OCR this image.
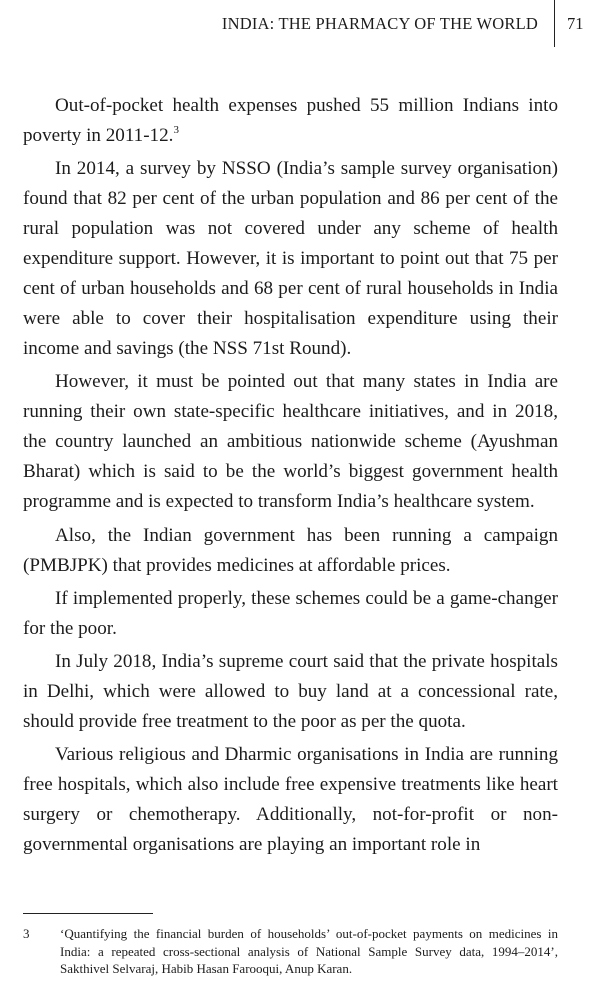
INDIA: THE PHARMACY OF THE WORLD 71

Out-of-pocket health expenses pushed 55 million Indians into poverty in 2011-12.$^3$

In 2014, a survey by NSSO (India’s sample survey organisation) found that 82 per cent of the urban population and 86 per cent of the rural population was not covered under any scheme of health expenditure support. However, it is important to point out that 75 per cent of urban households and 68 per cent of rural households in India were able to cover their hospitalisation expenditure using their income and savings (the NSS 71st Round).

However, it must be pointed out that many states in India are running their own state-specific healthcare initiatives, and in 2018, the country launched an ambitious nationwide scheme (Ayushman Bharat) which is said to be the world’s biggest government health programme and is expected to transform India’s healthcare system.

Also, the Indian government has been running a campaign (PMBJPK) that provides medicines at affordable prices.

If implemented properly, these schemes could be a game-changer for the poor.

In July 2018, India’s supreme court said that the private hospitals in Delhi, which were allowed to buy land at a concessional rate, should provide free treatment to the poor as per the quota.

Various religious and Dharmic organisations in India are running free hospitals, which also include free expensive treatments like heart surgery or chemotherapy. Additionally, not-for-profit or non-governmental organisations are playing an important role in

3 ‘Quantifying the financial burden of households’ out-of-pocket payments on medicines in India: a repeated cross-sectional analysis of National Sample Survey data, 1994–2014’, Sakthivel Selvaraj, Habib Hasan Farooqui, Anup Karan.
